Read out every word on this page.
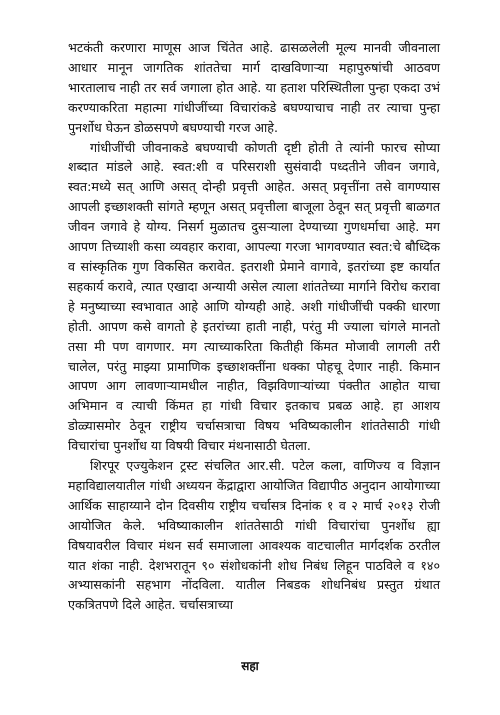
भटकंती करणारा माणूस आज चिंतेत आहे. ढासळलेली मूल्य मानवी जीवनाला आधार मानून जागतिक शांततेचा मार्ग दाखविणाऱ्या महापुरुषांची आठवण भारतालाच नाही तर सर्व जगाला होत आहे. या हताश परिस्थितीला पुन्हा एकदा उभं करण्याकरिता महात्मा गांधीजींच्या विचारांकडे बघण्याचाच नाही तर त्याचा पुन्हा पुनर्शोध घेऊन डोळसपणे बघण्याची गरज आहे.

गांधीजींची जीवनाकडे बघण्याची कोणती दृष्टी होती ते त्यांनी फारच सोप्या शब्दात मांडले आहे. स्वत:शी व परिसराशी सुसंवादी पध्दतीने जीवन जगावे, स्वत:मध्ये सत् आणि असत् दोन्ही प्रवृत्ती आहेत. असत् प्रवृत्तींना तसे वागण्यास आपली इच्छाशक्ती सांगते म्हणून असत् प्रवृत्तीला बाजूला ठेवून सत् प्रवृत्ती बाळगत जीवन जगावे हे योग्य. निसर्ग मुळातच दुसऱ्याला देण्याच्या गुणधर्माचा आहे. मग आपण तिच्याशी कसा व्यवहार करावा, आपल्या गरजा भागवण्यात स्वत:चे बौध्दिक व सांस्कृतिक गुण विकसित करावेत. इतराशी प्रेमाने वागावे, इतरांच्या इष्ट कार्यात सहकार्य करावे, त्यात एखादा अन्यायी असेल त्याला शांततेच्या मार्गाने विरोध करावा हे मनुष्याच्या स्वभावात आहे आणि योग्यही आहे. अशी गांधीजींची पक्की धारणा होती. आपण कसे वागतो हे इतरांच्या हाती नाही, परंतु मी ज्याला चांगले मानतो तसा मी पण वागणार. मग त्याच्याकरिता कितीही किंमत मोजावी लागली तरी चालेल, परंतु माझ्या प्रामाणिक इच्छाशक्तींना धक्का पोहचू देणार नाही. किमान आपण आग लावणाऱ्यामधील नाहीत, विझविणाऱ्यांच्या पंक्तीत आहोत याचा अभिमान व त्याची किंमत हा गांधी विचार इतकाच प्रबळ आहे. हा आशय डोळ्यासमोर ठेवून राष्ट्रीय चर्चासत्राचा विषय भविष्यकालीन शांततेसाठी गांधी विचारांचा पुनर्शोध या विषयी विचार मंथनासाठी घेतला.

शिरपूर एज्युकेशन ट्रस्ट संचलित आर.सी. पटेल कला, वाणिज्य व विज्ञान महाविद्यालयातील गांधी अध्ययन केंद्राद्वारा आयोजित विद्यापीठ अनुदान आयोगाच्या आर्थिक साहाय्याने दोन दिवसीय राष्ट्रीय चर्चासत्र दिनांक १ व २ मार्च २०१३ रोजी आयोजित केले. भविष्याकालीन शांततेसाठी गांधी विचारांचा पुनर्शोध ह्या विषयावरील विचार मंथन सर्व समाजाला आवश्यक वाटचालीत मार्गदर्शक ठरतील यात शंका नाही. देशभरातून ९० संशोधकांनी शोध निबंध लिहून पाठविले व १४० अभ्यासकांनी सहभाग नोंदविला. यातील निबडक शोधनिबंध प्रस्तुत ग्रंथात एकत्रितपणे दिले आहेत. चर्चासत्राच्या

सहा
